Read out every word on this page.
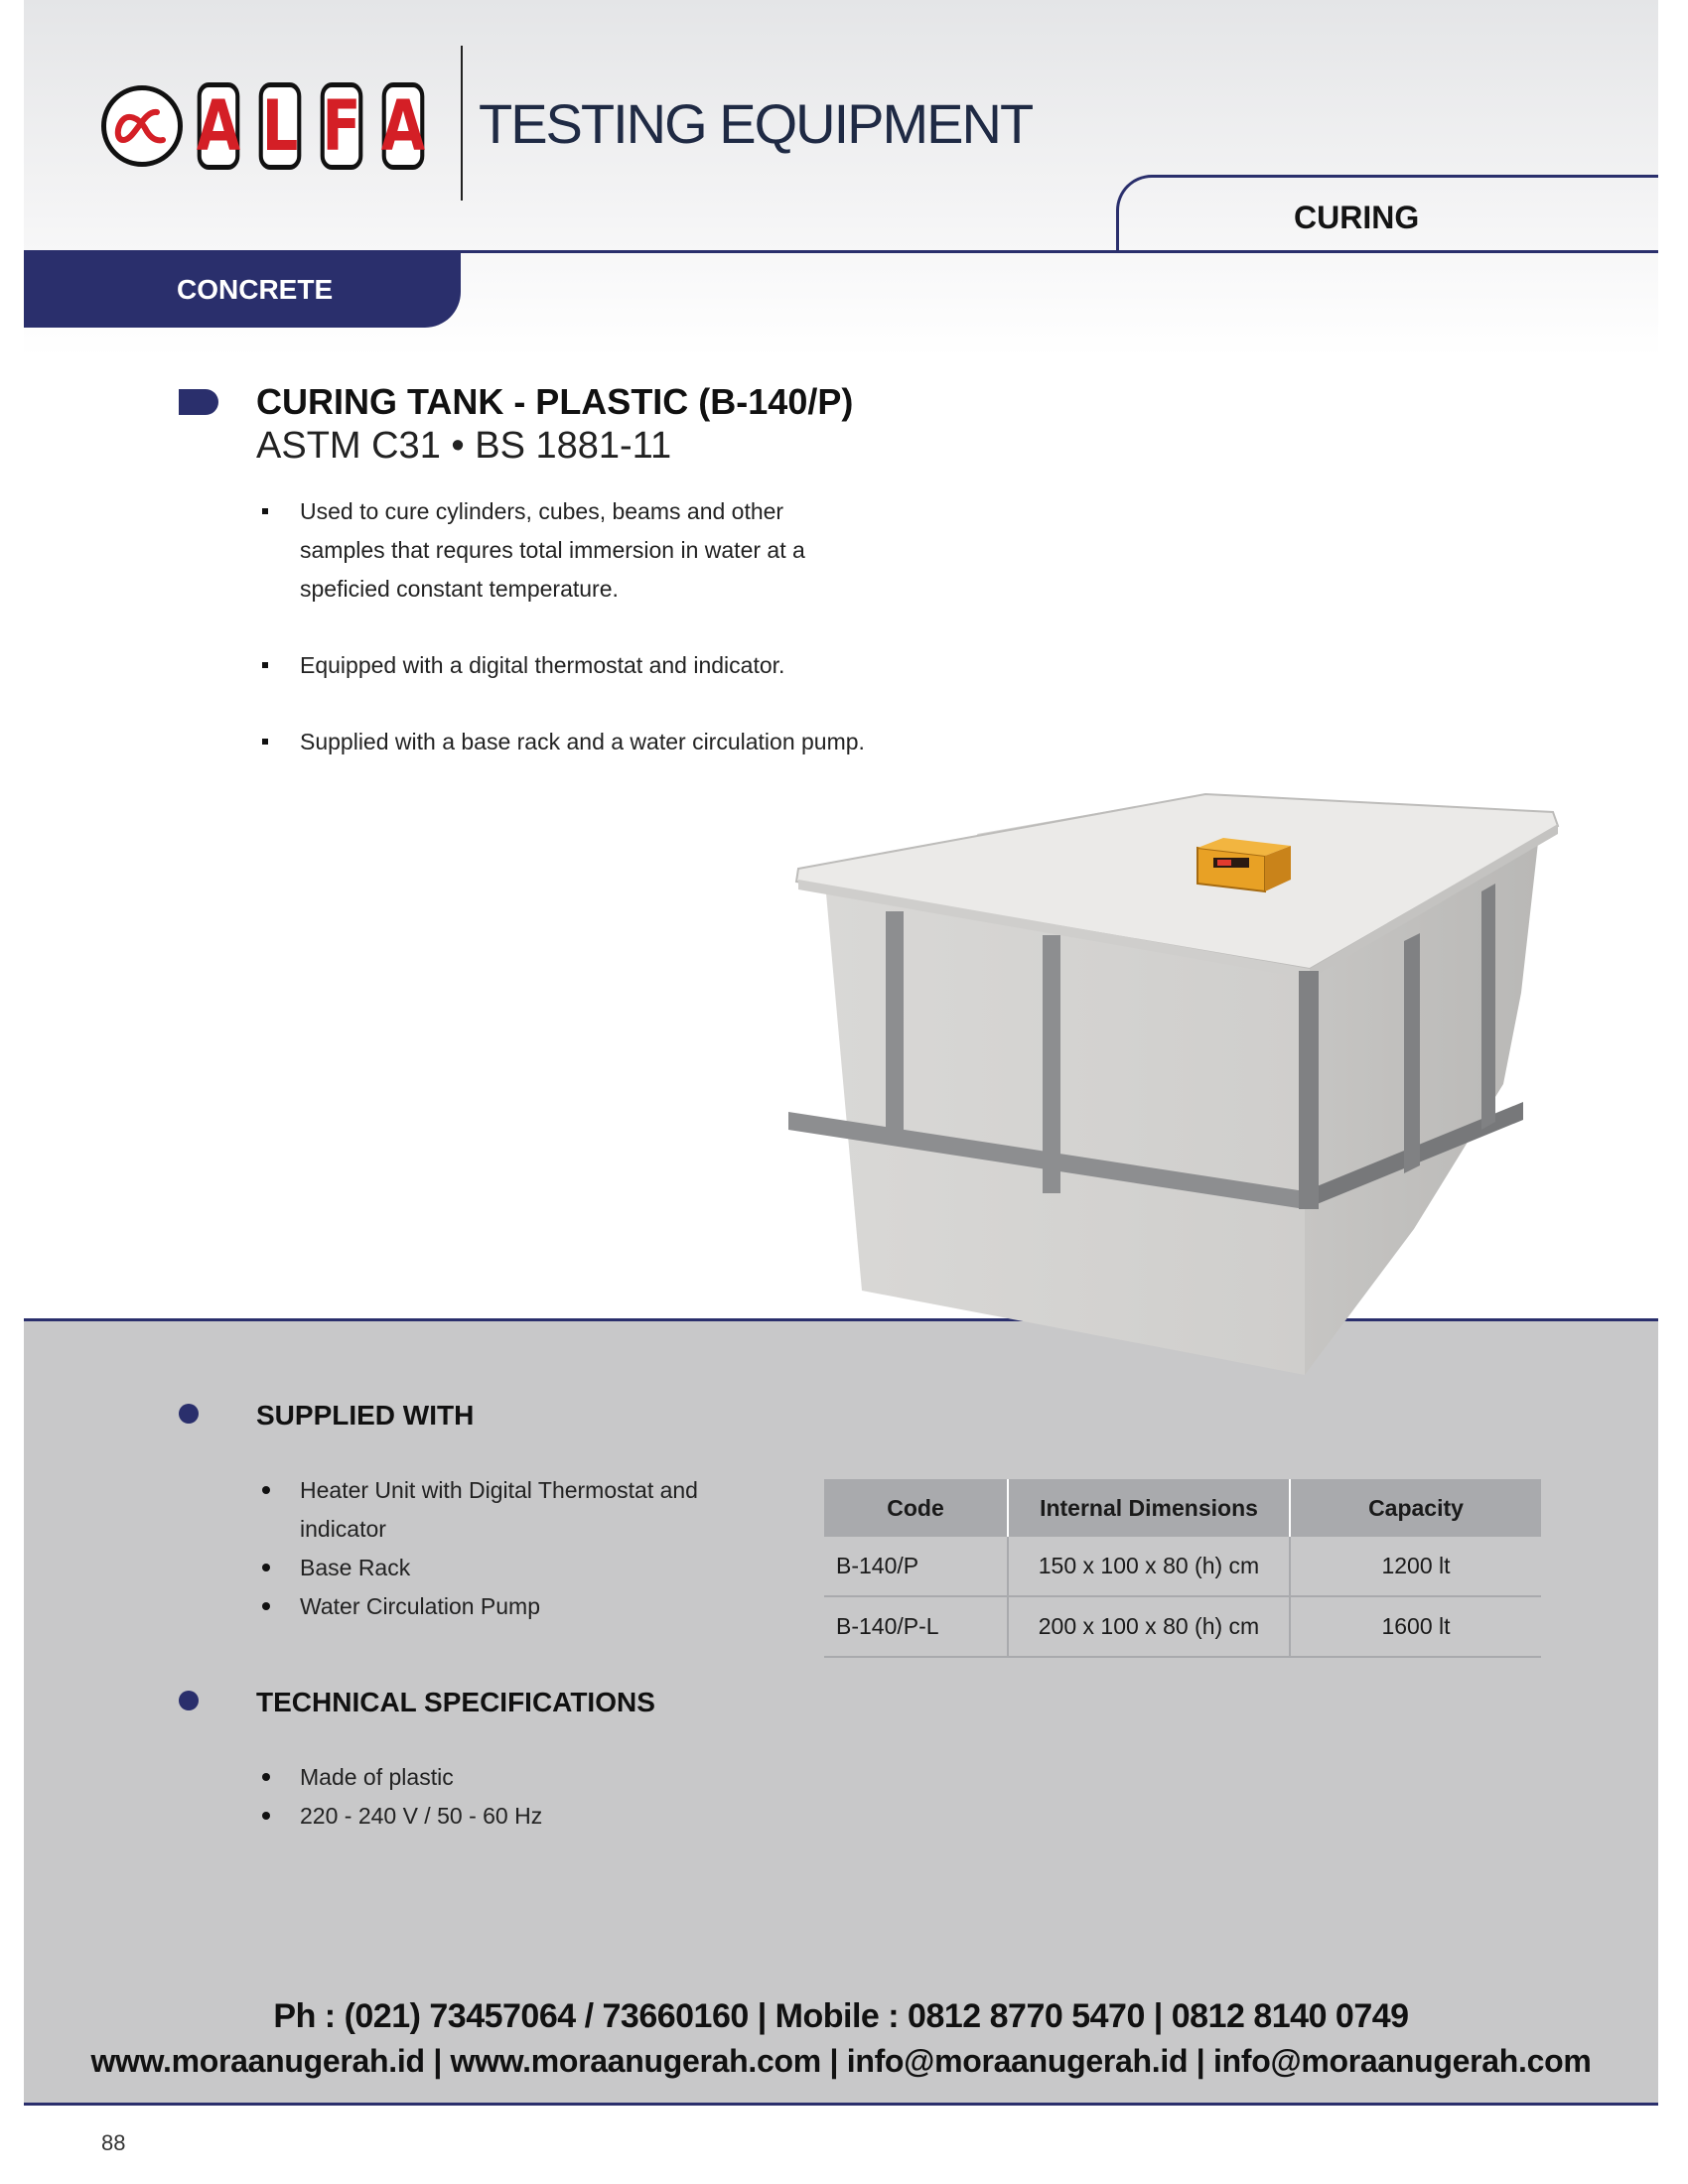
A L F A TESTING EQUIPMENT
CURING
CONCRETE
CURING TANK - PLASTIC (B-140/P)
ASTM C31 • BS 1881-11
Used to cure cylinders, cubes, beams and other samples that requres total immersion in water at a speficied constant temperature.
Equipped with a digital thermostat and indicator.
Supplied with a base rack and a water circulation pump.
SUPPLIED WITH
Heater Unit with Digital Thermostat and indicator
Base Rack
Water Circulation Pump
TECHNICAL SPECIFICATIONS
Made of plastic
220 - 240 V / 50 - 60 Hz
Code	Internal Dimensions	Capacity
B-140/P	150 x 100 x 80 (h) cm	1200 lt
B-140/P-L	200 x 100 x 80 (h) cm	1600 lt
Ph : (021) 73457064 / 73660160 | Mobile : 0812 8770 5470 | 0812 8140 0749
www.moraanugerah.id | www.moraanugerah.com | info@moraanugerah.id | info@moraanugerah.com
88
